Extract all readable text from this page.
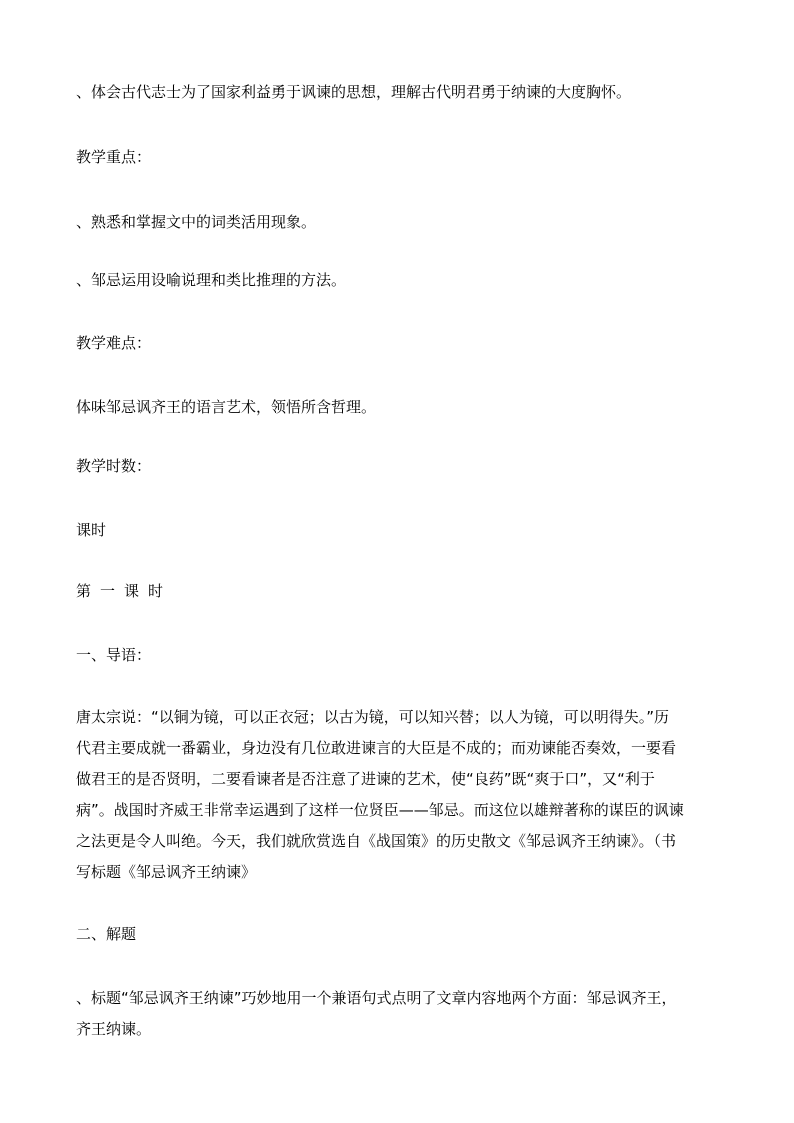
、体会古代志士为了国家利益勇于讽谏的思想，理解古代明君勇于纳谏的大度胸怀。

教学重点：

、熟悉和掌握文中的词类活用现象。

、邹忌运用设喻说理和类比推理的方法。

教学难点：

体味邹忌讽齐王的语言艺术，领悟所含哲理。

教学时数：

课时

第一课时

一、导语：

唐太宗说：“以铜为镜，可以正衣冠；以古为镜，可以知兴替；以人为镜，可以明得失。”历
代君主要成就一番霸业，身边没有几位敢进谏言的大臣是不成的；而劝谏能否奏效，一要看
做君王的是否贤明，二要看谏者是否注意了进谏的艺术，使“良药”既“爽于口”，又“利于
病”。战国时齐威王非常幸运遇到了这样一位贤臣——邹忌。而这位以雄辩著称的谋臣的讽谏
之法更是令人叫绝。今天，我们就欣赏选自《战国策》的历史散文《邹忌讽齐王纳谏》。（书
写标题《邹忌讽齐王纳谏》

二、解题

、标题“邹忌讽齐王纳谏”巧妙地用一个兼语句式点明了文章内容地两个方面：邹忌讽齐王，
齐王纳谏。
